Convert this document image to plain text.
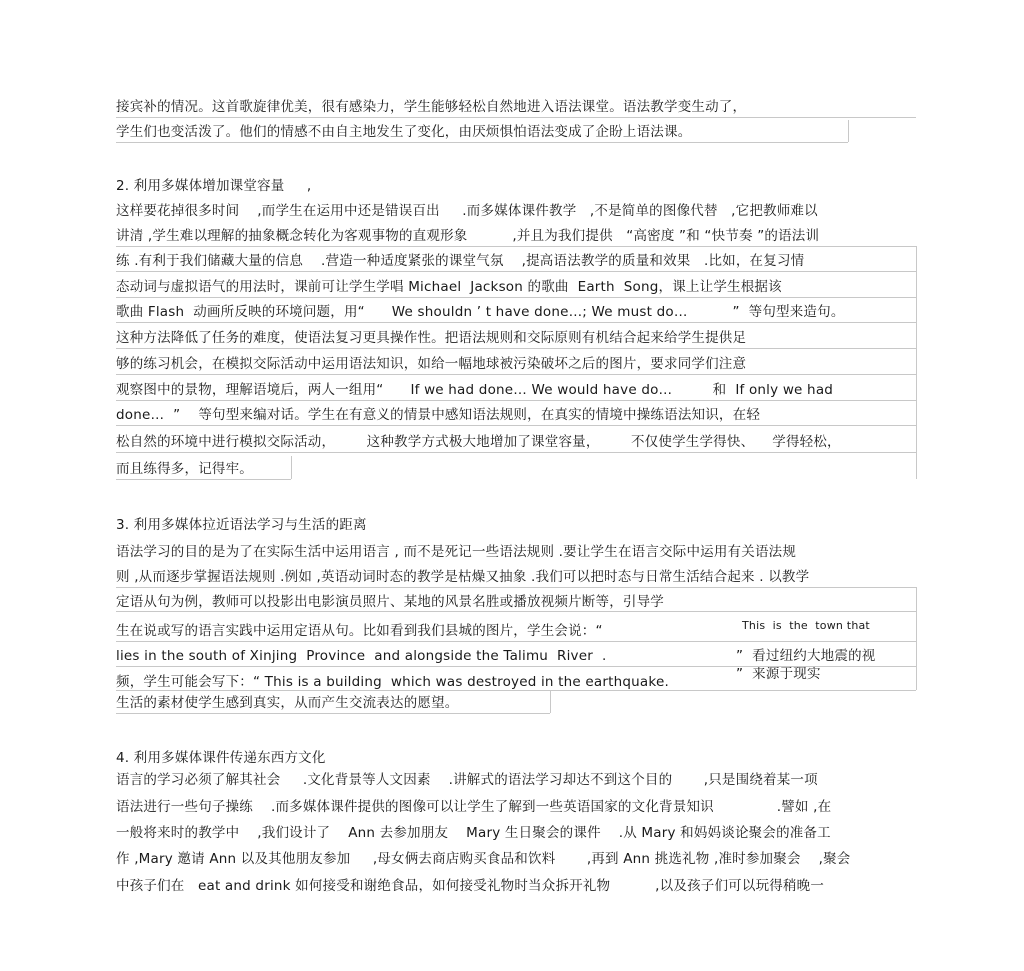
接宾补的情况。这首歌旋律优美，很有感染力，学生能够轻松自然地进入语法课堂。语法教学变生动了，
学生们也变活泼了。他们的情感不由自主地发生了变化，由厌烦惧怕语法变成了企盼上语法课。
2. 利用多媒体增加课堂容量     ,
这样要花掉很多时间    ,而学生在运用中还是错误百出     .而多媒体课件教学   ,不是简单的图像代替   ,它把教师难以
讲清 ,学生难以理解的抽象概念转化为客观事物的直观形象          ,并且为我们提供   “高密度 ”和 “快节奏 ”的语法训
练 .有利于我们储藏大量的信息    .营造一种适度紧张的课堂气氛    ,提高语法教学的质量和效果   .比如，在复习情
态动词与虚拟语气的用法时，课前可让学生学唱 Michael  Jackson 的歌曲  Earth  Song，课上让学生根据该
歌曲 Flash  动画所反映的环境问题，用“      We shouldn ’ t have done…; We must do…          ”  等句型来造句。
这种方法降低了任务的难度，使语法复习更具操作性。把语法规则和交际原则有机结合起来给学生提供足
够的练习机会，在模拟交际活动中运用语法知识，如给一幅地球被污染破坏之后的图片，要求同学们注意
观察图中的景物，理解语境后，两人一组用“      If we had done… We would have do…         和  If only we had
done…  ”    等句型来编对话。学生在有意义的情景中感知语法规则，在真实的情境中操练语法知识，在轻
松自然的环境中进行模拟交际活动，       这种教学方式极大地增加了课堂容量，       不仅使学生学得快、    学得轻松，
而且练得多，记得牢。
3. 利用多媒体拉近语法学习与生活的距离
语法学习的目的是为了在实际生活中运用语言 , 而不是死记一些语法规则 .要让学生在语言交际中运用有关语法规
则 ,从而逐步掌握语法规则 .例如 ,英语动词时态的教学是枯燥又抽象 .我们可以把时态与日常生活结合起来 . 以教学
定语从句为例，教师可以投影出电影演员照片、某地的风景名胜或播放视频片断等，引导学
生在说或写的语言实践中运用定语从句。比如看到我们县城的图片，学生会说：“
lies in the south of Xinjing  Province  and alongside the Talimu  River  .
频，学生可能会写下：“ This is a building  which was destroyed in the earthquake.
生活的素材使学生感到真实，从而产生交流表达的愿望。
This  is  the  town that
”  看过纽约大地震的视
”  来源于现实
4. 利用多媒体课件传递东西方文化
语言的学习必须了解其社会     .文化背景等人文因素    .讲解式的语法学习却达不到这个目的       ,只是围绕着某一项
语法进行一些句子操练    .而多媒体课件提供的图像可以让学生了解到一些英语国家的文化背景知识              .譬如 ,在
一般将来时的教学中    ,我们设计了    Ann 去参加朋友    Mary 生日聚会的课件    .从 Mary 和妈妈谈论聚会的准备工
作 ,Mary 邀请 Ann 以及其他朋友参加     ,母女俩去商店购买食品和饮料       ,再到 Ann 挑选礼物 ,准时参加聚会    ,聚会
中孩子们在   eat and drink 如何接受和谢绝食品，如何接受礼物时当众拆开礼物          ,以及孩子们可以玩得稍晚一
